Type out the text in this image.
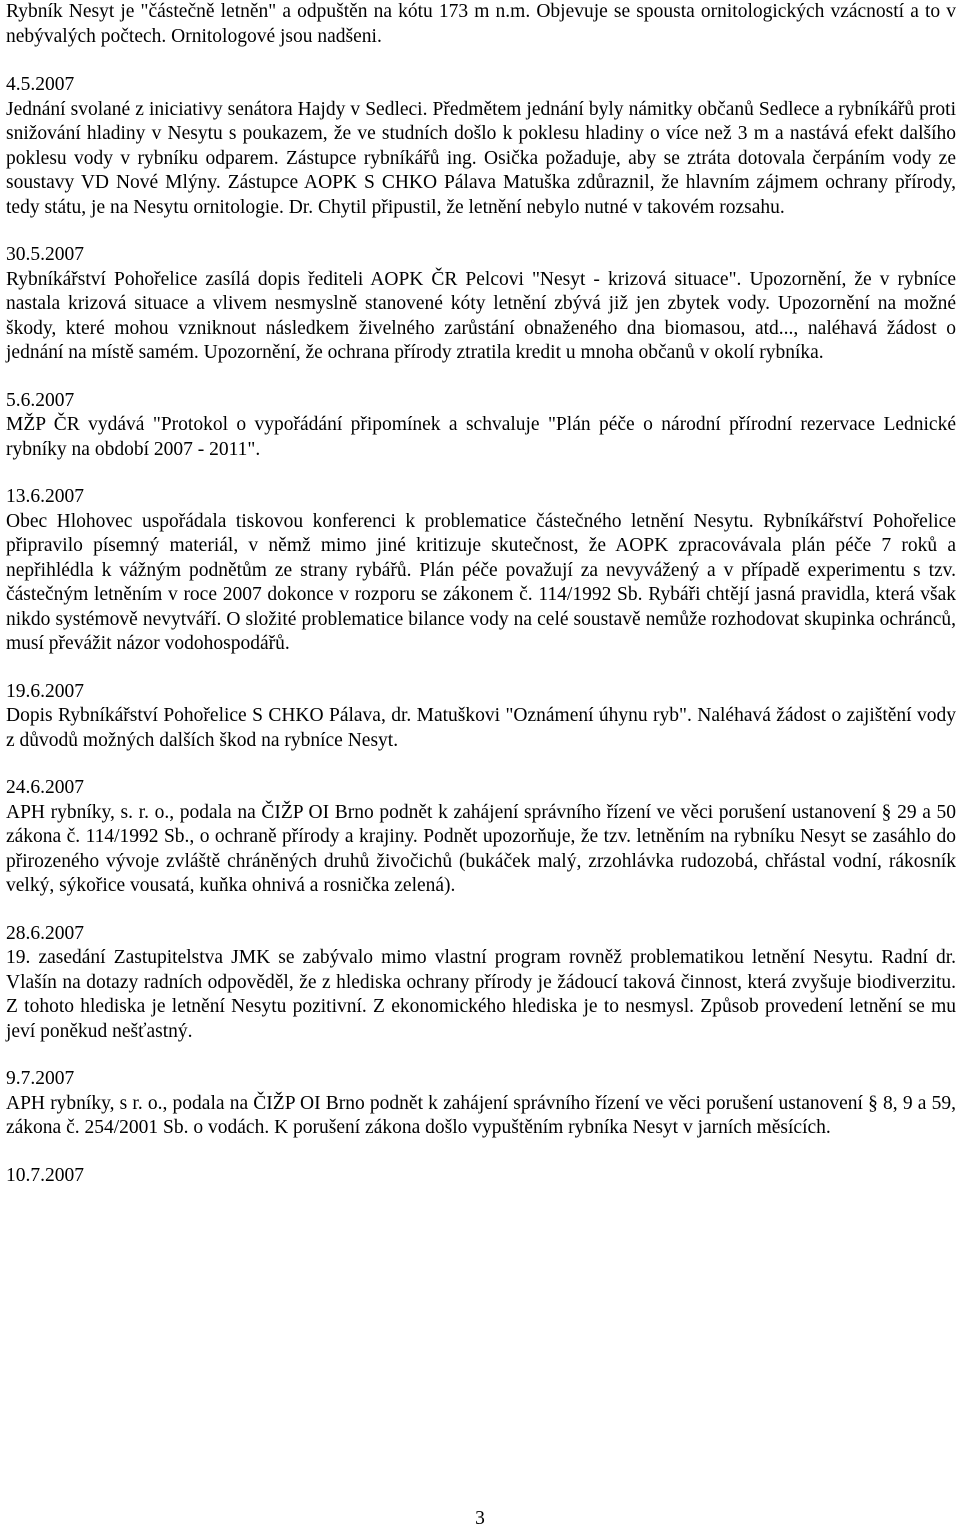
Rybník Nesyt je "částečně letněn" a odpuštěn na kótu 173 m n.m. Objevuje se spousta ornitologických vzácností a to v nebývalých počtech. Ornitologové jsou nadšeni.
4.5.2007
Jednání svolané z iniciativy senátora Hajdy v Sedleci. Předmětem jednání byly námitky občanů Sedlece a rybníkářů proti snižování hladiny v Nesytu s poukazem, že ve studních došlo k poklesu hladiny o více než 3 m a nastává efekt dalšího poklesu vody v rybníku odparem. Zástupce rybníkářů ing. Osička požaduje, aby se ztráta dotovala čerpáním vody ze soustavy VD Nové Mlýny. Zástupce AOPK S CHKO Pálava Matuška zdůraznil, že hlavním zájmem ochrany přírody, tedy státu, je na Nesytu ornitologie. Dr. Chytil připustil, že letnění nebylo nutné v takovém rozsahu.
30.5.2007
Rybníkářství Pohořelice zasílá dopis řediteli AOPK ČR Pelcovi "Nesyt - krizová situace". Upozornění, že v rybníce nastala krizová situace a vlivem nesmyslně stanovené kóty letnění zbývá již jen zbytek vody. Upozornění na možné škody, které mohou vzniknout následkem živelného zarůstání obnaženého dna biomasou, atd..., naléhavá žádost o jednání na místě samém. Upozornění, že ochrana přírody ztratila kredit u mnoha občanů v okolí rybníka.
5.6.2007
MŽP ČR vydává "Protokol o vypořádání připomínek a schvaluje "Plán péče o národní přírodní rezervace Lednické rybníky na období 2007 - 2011".
13.6.2007
Obec Hlohovec uspořádala tiskovou konferenci k problematice částečného letnění Nesytu. Rybníkářství Pohořelice připravilo písemný materiál, v němž mimo jiné kritizuje skutečnost, že AOPK zpracovávala plán péče 7 roků a nepřihlédla k vážným podnětům ze strany rybářů. Plán péče považují za nevyvážený a v případě experimentu s tzv. částečným letněním v roce 2007 dokonce v rozporu se zákonem č. 114/1992 Sb. Rybáři chtějí jasná pravidla, která však nikdo systémově nevytváří. O složité problematice bilance vody na celé soustavě nemůže rozhodovat skupinka ochránců, musí převážit názor vodohospodářů.
19.6.2007
Dopis Rybníkářství Pohořelice S CHKO Pálava, dr. Matuškovi "Oznámení úhynu ryb". Naléhavá žádost o zajištění vody z důvodů možných dalších škod na rybníce Nesyt.
24.6.2007
APH rybníky, s. r. o., podala na ČIŽP OI Brno podnět k zahájení správního řízení ve věci porušení ustanovení § 29 a 50 zákona č. 114/1992 Sb., o ochraně přírody a krajiny. Podnět upozorňuje, že tzv. letněním na rybníku Nesyt se zasáhlo do přirozeného vývoje zvláště chráněných druhů živočichů (bukáček malý, zrzohlávka rudozobá, chřástal vodní, rákosník velký, sýkořice vousatá, kuňka ohnivá a rosnička zelená).
28.6.2007
19. zasedání Zastupitelstva JMK se zabývalo mimo vlastní program rovněž problematikou letnění Nesytu. Radní dr. Vlašín na dotazy radních odpověděl, že z hlediska ochrany přírody je žádoucí taková činnost, která zvyšuje biodiverzitu. Z tohoto hlediska je letnění Nesytu pozitivní. Z ekonomického hlediska je to nesmysl. Způsob provedení letnění se mu jeví poněkud nešťastný.
9.7.2007
APH rybníky, s r. o., podala na ČIŽP OI Brno podnět k zahájení správního řízení ve věci porušení ustanovení § 8, 9 a 59, zákona č. 254/2001 Sb. o vodách. K porušení zákona došlo vypuštěním rybníka Nesyt v jarních měsících.
10.7.2007
3
